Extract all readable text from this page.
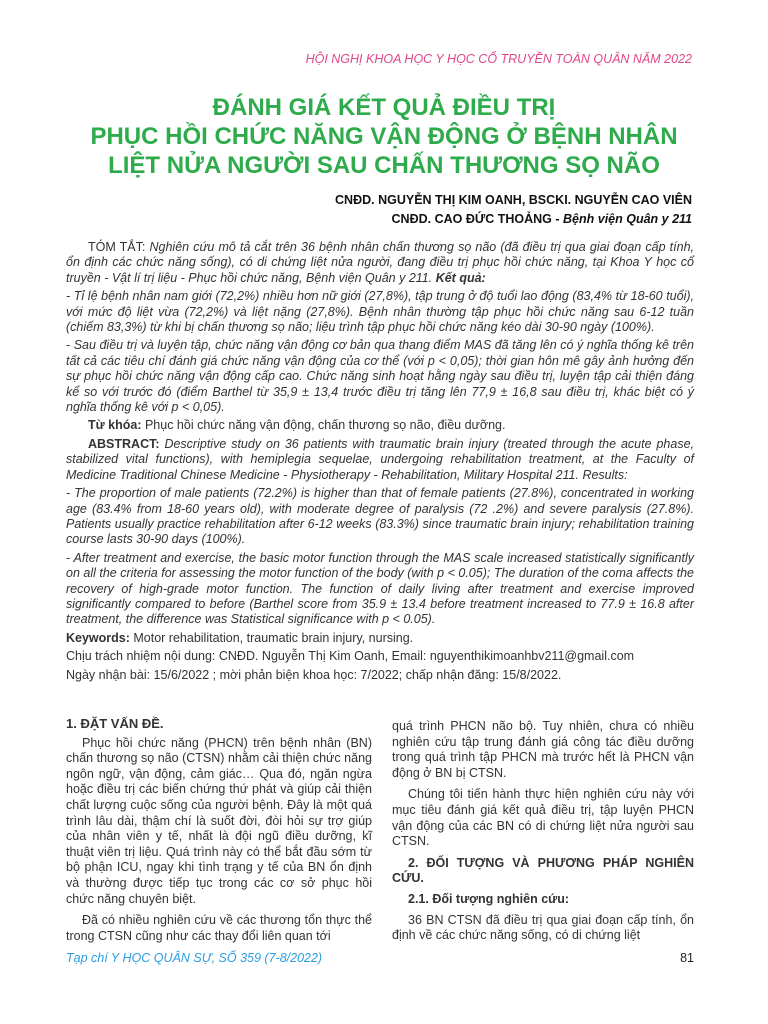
HỘI NGHỊ KHOA HỌC Y HỌC CỔ TRUYỀN TOÀN QUÂN NĂM 2022
ĐÁNH GIÁ KẾT QUẢ ĐIỀU TRỊ
PHỤC HỒI CHỨC NĂNG VẬN ĐỘNG Ở BỆNH NHÂN
LIỆT NỬA NGƯỜI SAU CHẤN THƯƠNG SỌ NÃO
CNĐD. NGUYỄN THỊ KIM OANH, BSCKI. NGUYỄN CAO VIÊN
CNĐD. CAO ĐỨC THOẢNG - Bệnh viện Quân y 211

TÓM TẮT: Nghiên cứu mô tả cắt trên 36 bệnh nhân chấn thương sọ não (đã điều trị qua giai đoạn cấp tính, ổn định các chức năng sống), có di chứng liệt nửa người, đang điều trị phục hồi chức năng, tại Khoa Y học cổ truyền - Vật lí trị liệu - Phục hồi chức năng, Bệnh viện Quân y 211. Kết quả:

- Tỉ lệ bệnh nhân nam giới (72,2%) nhiều hơn nữ giới (27,8%), tập trung ở độ tuổi lao động (83,4% từ 18-60 tuổi), với mức độ liệt vừa (72,2%) và liệt nặng (27,8%). Bệnh nhân thường tập phục hồi chức năng sau 6-12 tuần (chiếm 83,3%) từ khi bị chấn thương sọ não; liệu trình tập phục hồi chức năng kéo dài 30-90 ngày (100%).

- Sau điều trị và luyện tập, chức năng vận động cơ bản qua thang điểm MAS đã tăng lên có ý nghĩa thống kê trên tất cả các tiêu chí đánh giá chức năng vận động của cơ thể (với p < 0,05); thời gian hôn mê gây ảnh hưởng đến sự phục hồi chức năng vận động cấp cao. Chức năng sinh hoạt hằng ngày sau điều trị, luyện tập cải thiện đáng kể so với trước đó (điểm Barthel từ 35,9 ± 13,4 trước điều trị tăng lên 77,9 ± 16,8 sau điều trị, khác biệt có ý nghĩa thống kê với p < 0,05).

Từ khóa: Phục hồi chức năng vận động, chấn thương sọ não, điều dưỡng.

ABSTRACT: Descriptive study on 36 patients with traumatic brain injury (treated through the acute phase, stabilized vital functions), with hemiplegia sequelae, undergoing rehabilitation treatment, at the Faculty of Medicine Traditional Chinese Medicine - Physiotherapy - Rehabilitation, Military Hospital 211. Results:

- The proportion of male patients (72.2%) is higher than that of female patients (27.8%), concentrated in working age (83.4% from 18-60 years old), with moderate degree of paralysis (72 .2%) and severe paralysis (27.8%). Patients usually practice rehabilitation after 6-12 weeks (83.3%) since traumatic brain injury; rehabilitation training course lasts 30-90 days (100%).

- After treatment and exercise, the basic motor function through the MAS scale increased statistically significantly on all the criteria for assessing the motor function of the body (with p < 0.05); The duration of the coma affects the recovery of high-grade motor function. The function of daily living after treatment and exercise improved significantly compared to before (Barthel score from 35.9 ± 13.4 before treatment increased to 77.9 ± 16.8 after treatment, the difference was Statistical significance with p < 0.05).

Keywords: Motor rehabilitation, traumatic brain injury, nursing.

Chịu trách nhiệm nội dung: CNĐD. Nguyễn Thị Kim Oanh, Email: nguyenthikimoanhbv211@gmail.com

Ngày nhận bài: 15/6/2022 ; mời phản biện khoa học: 7/2022; chấp nhận đăng: 15/8/2022.

1. ĐẶT VẤN ĐỀ.

Phục hồi chức năng (PHCN) trên bệnh nhân (BN) chấn thương sọ não (CTSN) nhằm cải thiện chức năng ngôn ngữ, vận động, cảm giác… Qua đó, ngăn ngừa hoặc điều trị các biến chứng thứ phát và giúp cải thiện chất lượng cuộc sống của người bệnh. Đây là một quá trình lâu dài, thậm chí là suốt đời, đòi hỏi sự trợ giúp của nhân viên y tế, nhất là đội ngũ điều dưỡng, kĩ thuật viên trị liệu. Quá trình này có thể bắt đầu sớm từ bộ phận ICU, ngay khi tình trạng y tế của BN ổn định và thường được tiếp tục trong các cơ sở phục hồi chức năng chuyên biệt.

Đã có nhiều nghiên cứu về các thương tổn thực thể trong CTSN cũng như các thay đổi liên quan tới

quá trình PHCN não bộ. Tuy nhiên, chưa có nhiều nghiên cứu tập trung đánh giá công tác điều dưỡng trong quá trình tập PHCN mà trước hết là PHCN vận động ở BN bị CTSN.

Chúng tôi tiến hành thực hiện nghiên cứu này với mục tiêu đánh giá kết quả điều trị, tập luyện PHCN vận động của các BN có di chứng liệt nửa người sau CTSN.

2. ĐỐI TƯỢNG VÀ PHƯƠNG PHÁP NGHIÊN CỨU.

2.1. Đối tượng nghiên cứu:

36 BN CTSN đã điều trị qua giai đoạn cấp tính, ổn định về các chức năng sống, có di chứng liệt

Tạp chí Y HỌC QUÂN SỰ, SỐ 359 (7-8/2022)	81
